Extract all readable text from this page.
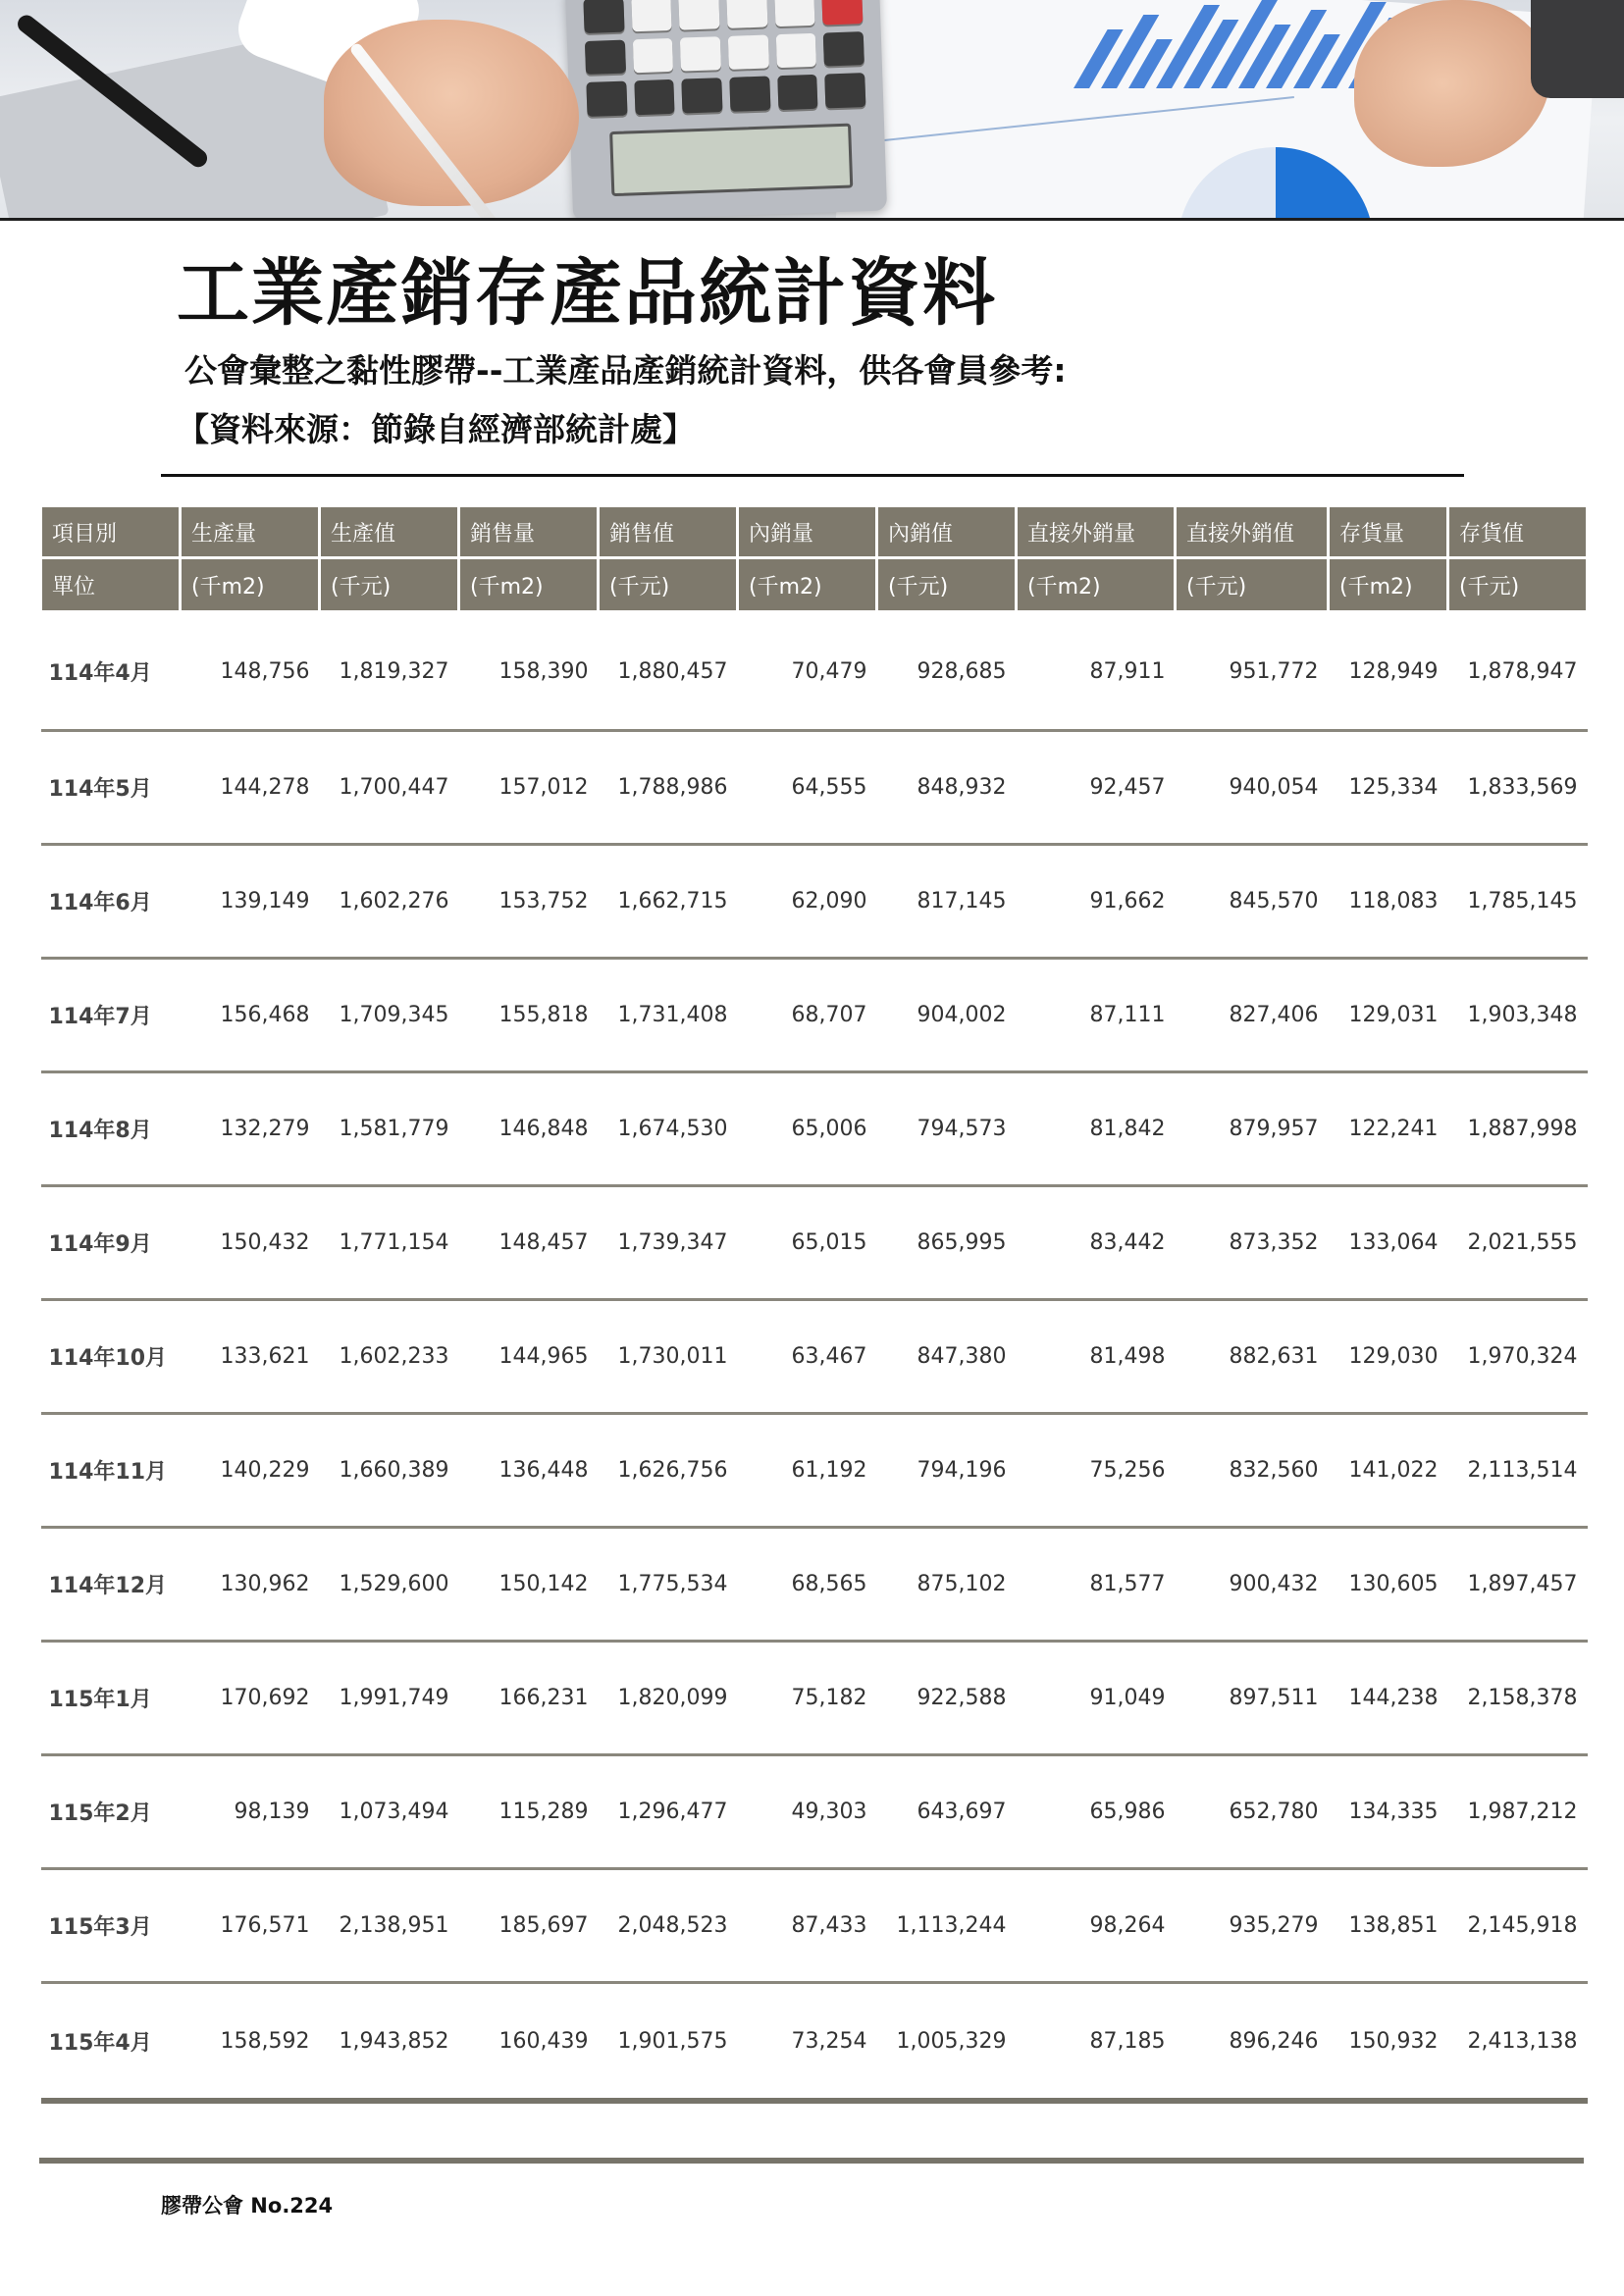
工業產銷存產品統計資料

公會彙整之黏性膠帶--工業產品產銷統計資料，供各會員參考:

【資料來源：節錄自經濟部統計處】

項目別	生產量	生產值	銷售量	銷售值	內銷量	內銷值	直接外銷量	直接外銷值	存貨量	存貨值
單位	(千m2)	(千元)	(千m2)	(千元)	(千m2)	(千元)	(千m2)	(千元)	(千m2)	(千元)
114年4月	148,756	1,819,327	158,390	1,880,457	70,479	928,685	87,911	951,772	128,949	1,878,947
114年5月	144,278	1,700,447	157,012	1,788,986	64,555	848,932	92,457	940,054	125,334	1,833,569
114年6月	139,149	1,602,276	153,752	1,662,715	62,090	817,145	91,662	845,570	118,083	1,785,145
114年7月	156,468	1,709,345	155,818	1,731,408	68,707	904,002	87,111	827,406	129,031	1,903,348
114年8月	132,279	1,581,779	146,848	1,674,530	65,006	794,573	81,842	879,957	122,241	1,887,998
114年9月	150,432	1,771,154	148,457	1,739,347	65,015	865,995	83,442	873,352	133,064	2,021,555
114年10月	133,621	1,602,233	144,965	1,730,011	63,467	847,380	81,498	882,631	129,030	1,970,324
114年11月	140,229	1,660,389	136,448	1,626,756	61,192	794,196	75,256	832,560	141,022	2,113,514
114年12月	130,962	1,529,600	150,142	1,775,534	68,565	875,102	81,577	900,432	130,605	1,897,457
115年1月	170,692	1,991,749	166,231	1,820,099	75,182	922,588	91,049	897,511	144,238	2,158,378
115年2月	98,139	1,073,494	115,289	1,296,477	49,303	643,697	65,986	652,780	134,335	1,987,212
115年3月	176,571	2,138,951	185,697	2,048,523	87,433	1,113,244	98,264	935,279	138,851	2,145,918
115年4月	158,592	1,943,852	160,439	1,901,575	73,254	1,005,329	87,185	896,246	150,932	2,413,138
膠帶公會 No.224
